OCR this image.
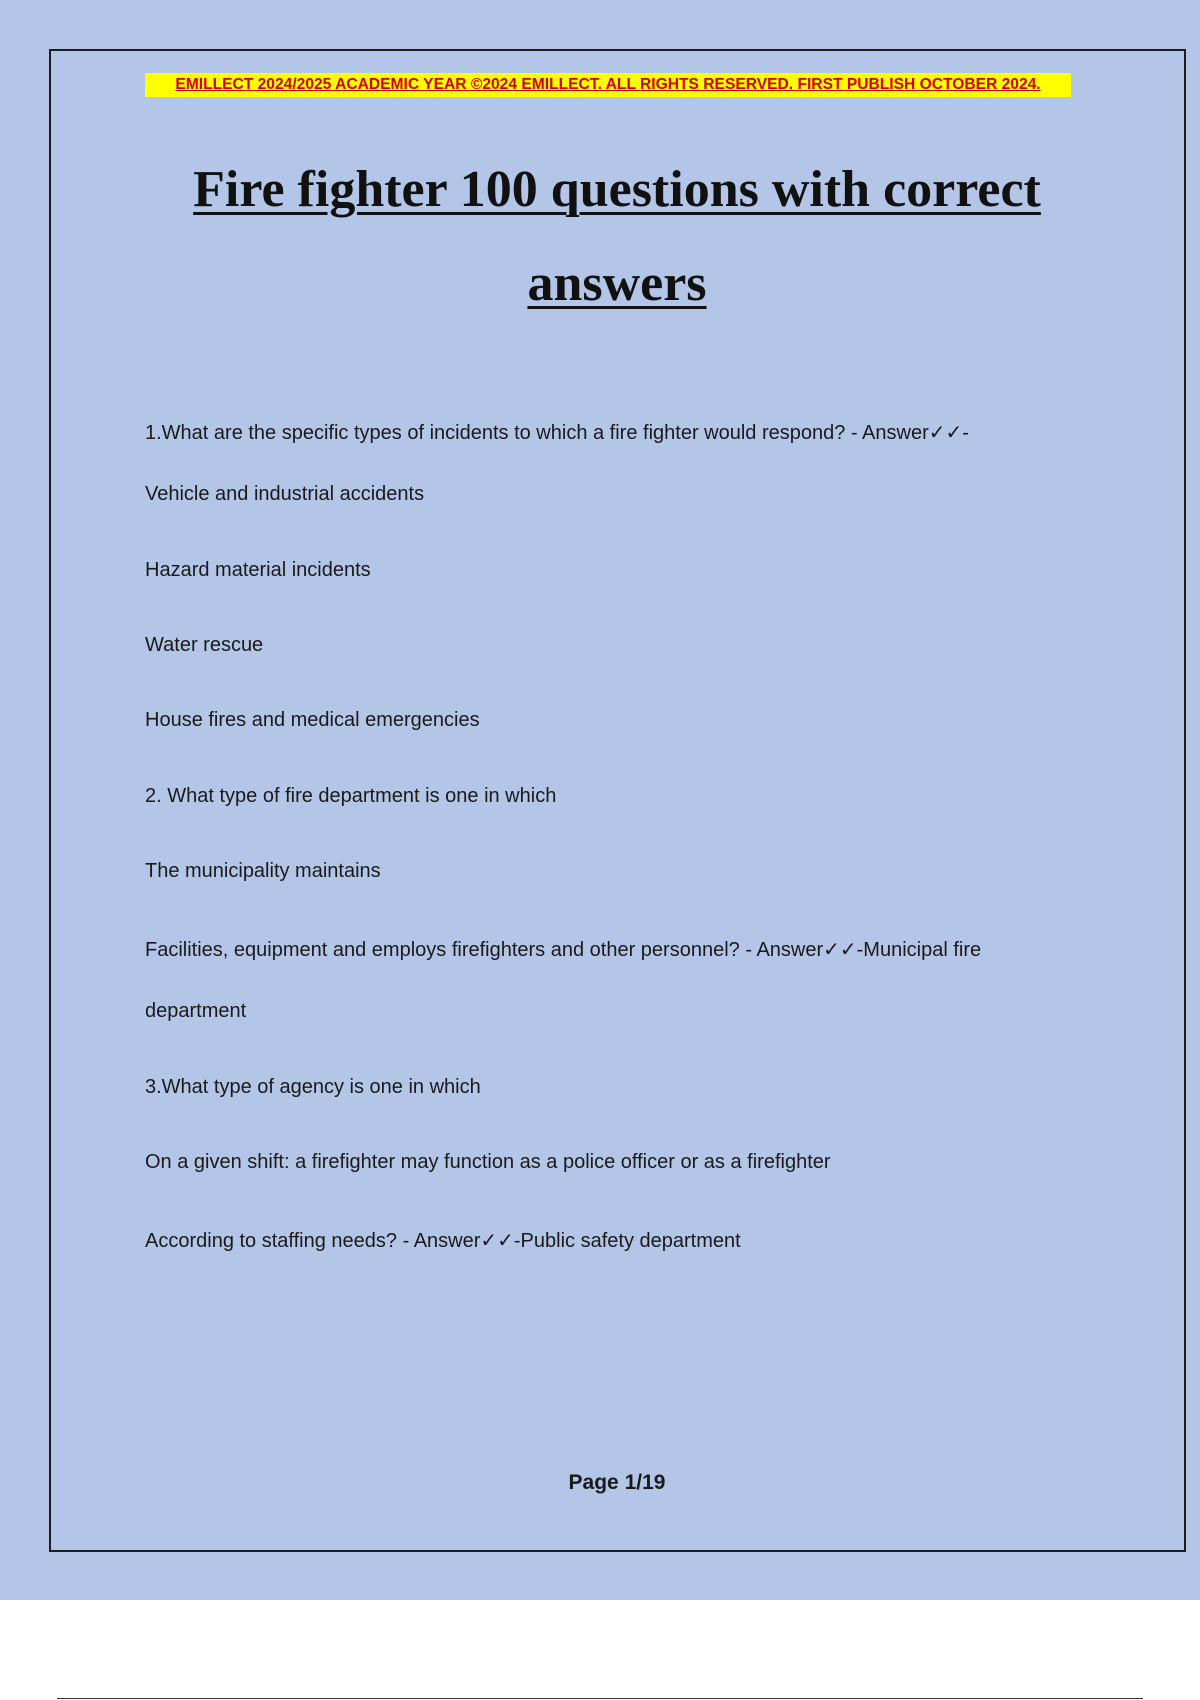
EMILLECT 2024/2025 ACADEMIC YEAR ©2024 EMILLECT. ALL RIGHTS RESERVED. FIRST PUBLISH OCTOBER 2024.
Fire fighter 100 questions with correct answers
1.What are the specific types of incidents to which a fire fighter would respond? - Answer✓✓-
Vehicle and industrial accidents
Hazard material incidents
Water rescue
House fires and medical emergencies
2. What type of fire department is one in which
The municipality maintains
Facilities, equipment and employs firefighters and other personnel? - Answer✓✓-Municipal fire
department
3.What type of agency is one in which
On a given shift: a firefighter may function as a police officer or as a firefighter
According to staffing needs? - Answer✓✓-Public safety department
Page 1/19
